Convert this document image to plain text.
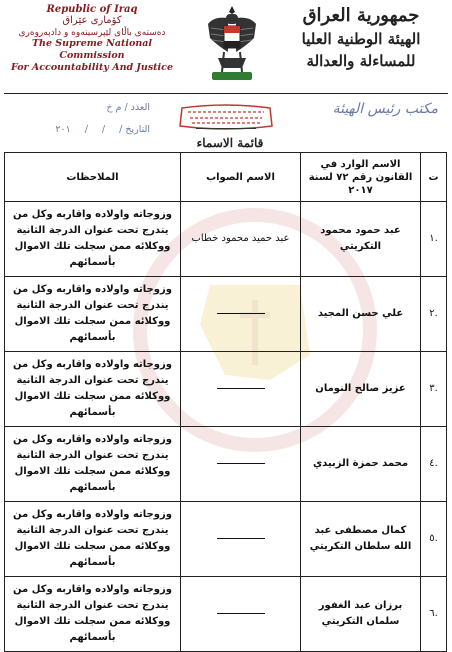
Republic of Iraq
کۆماری عێراق
دەستەی باڵای لێپرسینەوە و دادپەروەری
The Supreme National Commission
For Accountability And Justice
جمهورية العراق
الهيئة الوطنية العليا
للمساءلة والعدالة
العدد / م خ
التاريخ /
/
/
٢٠١
مكتب رئيس الهيئة
قائمة الاسماء
ت	الاسم الوارد في القانون رقم ٧٢ لسنة ٢٠١٧	الاسم الصواب	الملاحظات
.١	عبد حمود محمود التكريتي	عبد حميد محمود خطاب	وزوجاته واولاده واقاربه وكل من يندرج تحت عنوان الدرجة الثانية ووكلائه ممن سجلت تلك الاموال بأسمائهم
.٢	علي حسن المجيد		وزوجاته واولاده واقاربه وكل من يندرج تحت عنوان الدرجة الثانية ووكلائه ممن سجلت تلك الاموال بأسمائهم
.٣	عزيز صالح النومان		وزوجاته واولاده واقاربه وكل من يندرج تحت عنوان الدرجة الثانية ووكلائه ممن سجلت تلك الاموال بأسمائهم
.٤	محمد حمزة الزبيدي		وزوجاته واولاده واقاربه وكل من يندرج تحت عنوان الدرجة الثانية ووكلائه ممن سجلت تلك الاموال بأسمائهم
.٥	كمال مصطفى عبد الله سلطان التكريتي		وزوجاته واولاده واقاربه وكل من يندرج تحت عنوان الدرجة الثانية ووكلائه ممن سجلت تلك الاموال بأسمائهم
.٦	برزان عبد الغفور سلمان التكريتي		وزوجاته واولاده واقاربه وكل من يندرج تحت عنوان الدرجة الثانية ووكلائه ممن سجلت تلك الاموال بأسمائهم
